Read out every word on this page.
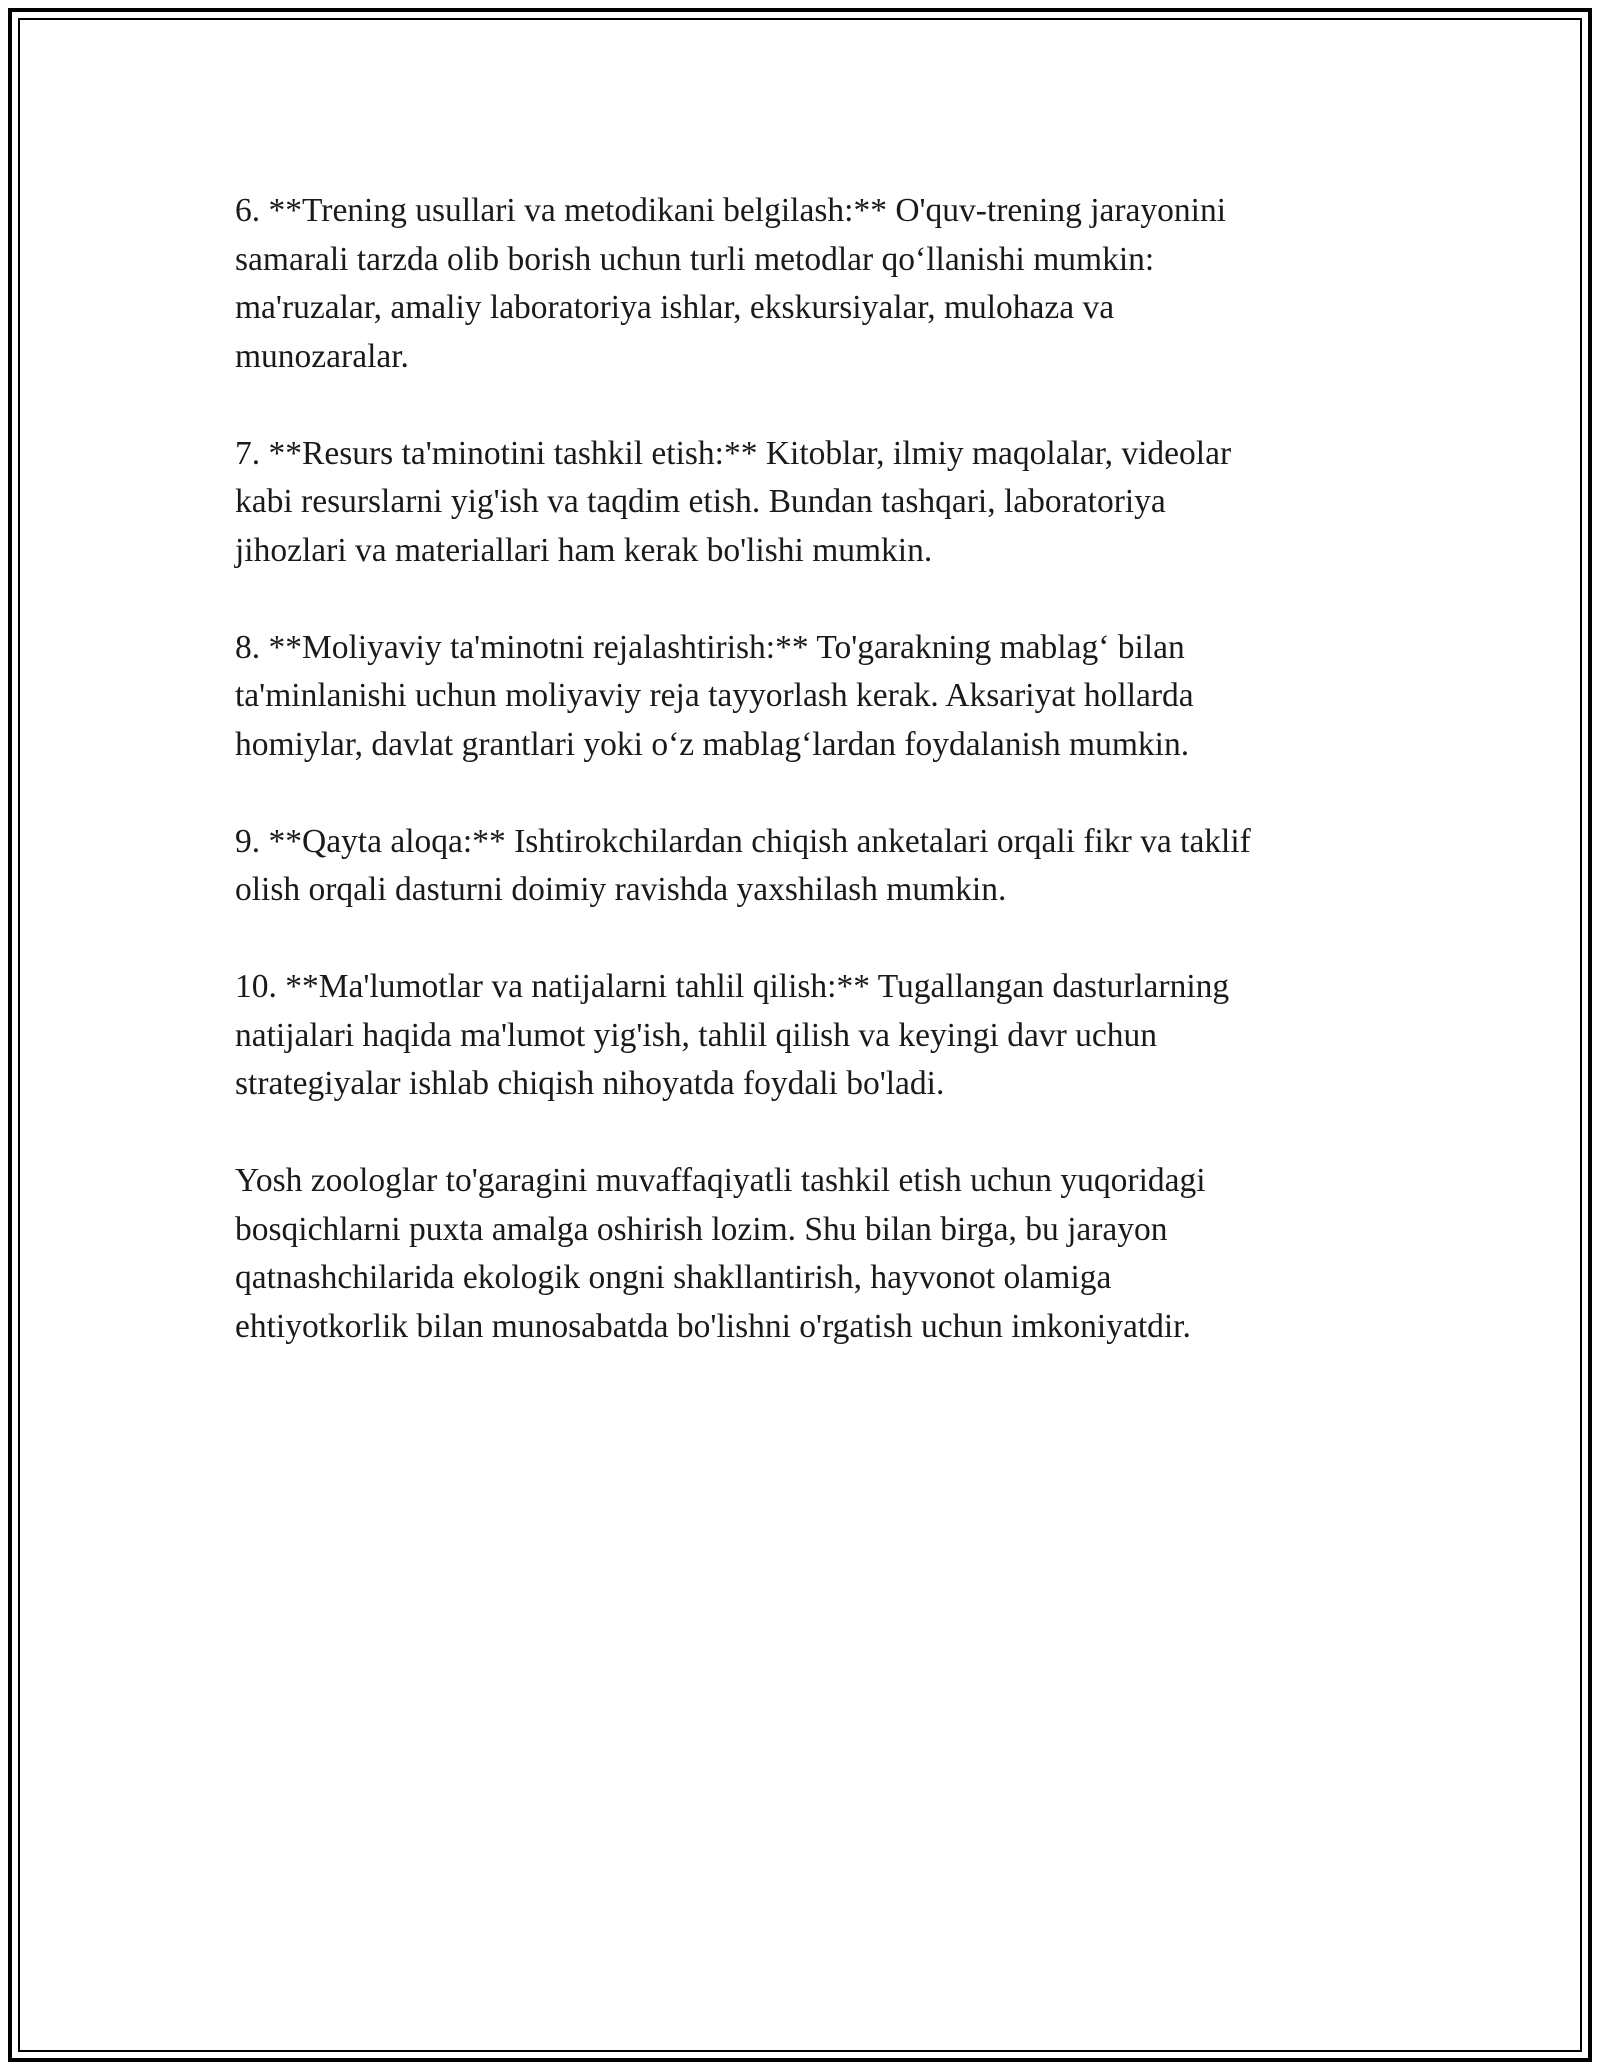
6. **Trening usullari va metodikani belgilash:** O'quv-trening jarayonini
samarali tarzda olib borish uchun turli metodlar qo‘llanishi mumkin:
ma'ruzalar, amaliy laboratoriya ishlar, ekskursiyalar, mulohaza va
munozaralar.

7. **Resurs ta'minotini tashkil etish:** Kitoblar, ilmiy maqolalar, videolar
kabi resurslarni yig'ish va taqdim etish. Bundan tashqari, laboratoriya
jihozlari va materiallari ham kerak bo'lishi mumkin.

8. **Moliyaviy ta'minotni rejalashtirish:** To'garakning mablag‘ bilan
ta'minlanishi uchun moliyaviy reja tayyorlash kerak. Aksariyat hollarda
homiylar, davlat grantlari yoki o‘z mablag‘lardan foydalanish mumkin.

9. **Qayta aloqa:** Ishtirokchilardan chiqish anketalari orqali fikr va taklif
olish orqali dasturni doimiy ravishda yaxshilash mumkin.

10. **Ma'lumotlar va natijalarni tahlil qilish:** Tugallangan dasturlarning
natijalari haqida ma'lumot yig'ish, tahlil qilish va keyingi davr uchun
strategiyalar ishlab chiqish nihoyatda foydali bo'ladi.

Yosh zoologlar to'garagini muvaffaqiyatli tashkil etish uchun yuqoridagi
bosqichlarni puxta amalga oshirish lozim. Shu bilan birga, bu jarayon
qatnashchilarida ekologik ongni shakllantirish, hayvonot olamiga
ehtiyotkorlik bilan munosabatda bo'lishni o'rgatish uchun imkoniyatdir.
